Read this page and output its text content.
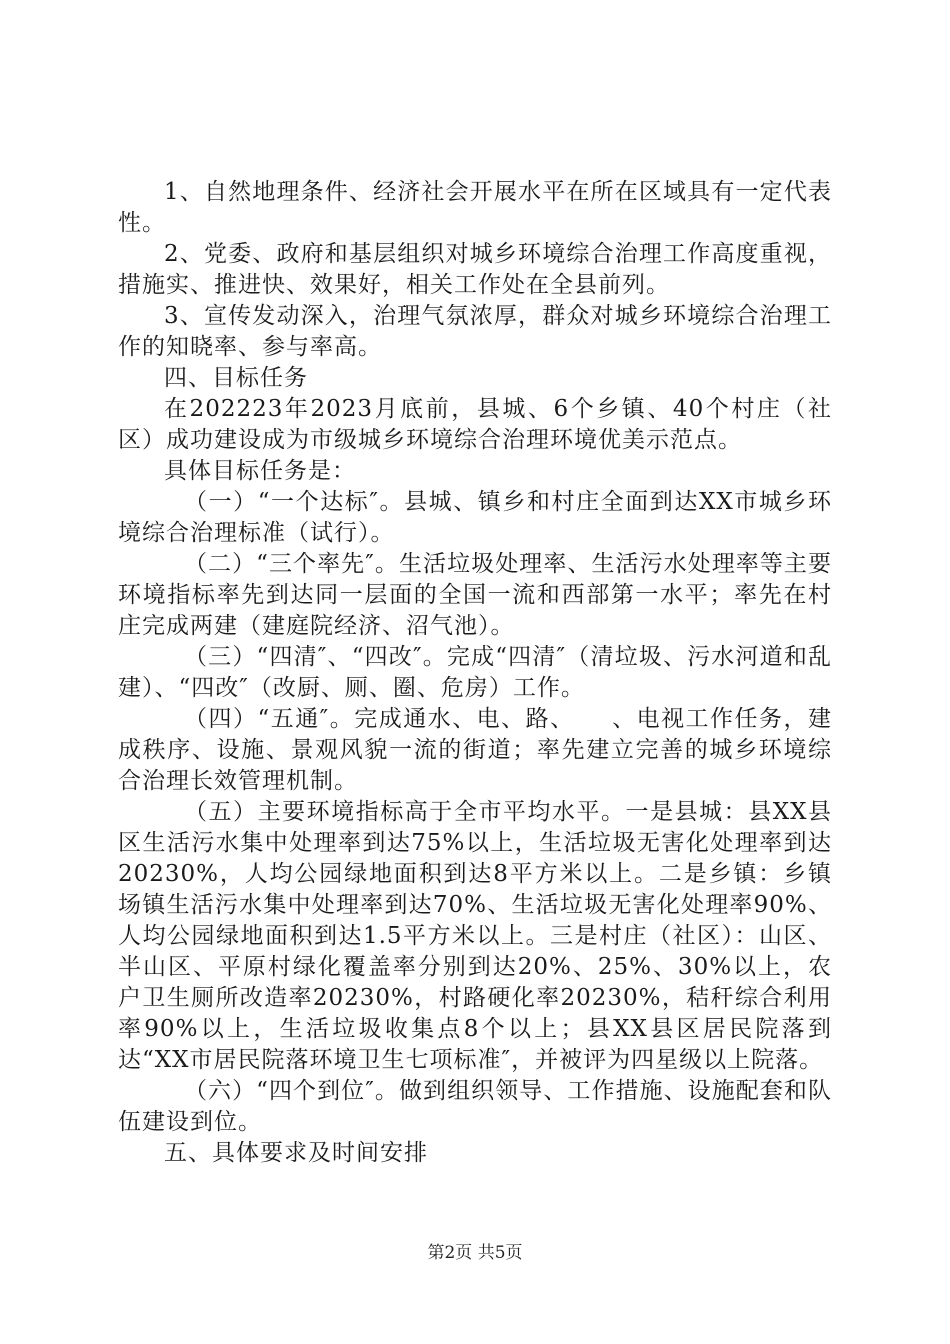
1、自然地理条件、经济社会开展水平在所在区域具有一定代表性。

2、党委、政府和基层组织对城乡环境综合治理工作高度重视，措施实、推进快、效果好，相关工作处在全县前列。

3、宣传发动深入，治理气氛浓厚，群众对城乡环境综合治理工作的知晓率、参与率高。

四、目标任务

在202223年2023月底前，县城、6个乡镇、40个村庄（社区）成功建设成为市级城乡环境综合治理环境优美示范点。

具体目标任务是：

（一）“一个达标″。县城、镇乡和村庄全面到达XX市城乡环境综合治理标准（试行）。

（二）“三个率先″。生活垃圾处理率、生活污水处理率等主要环境指标率先到达同一层面的全国一流和西部第一水平；率先在村庄完成两建（建庭院经济、沼气池）。

（三）“四清″、“四改″。完成“四清″（清垃圾、污水河道和乱建）、“四改″（改厨、厕、圈、危房）工作。

（四）“五通″。完成通水、电、路、　　、电视工作任务，建成秩序、设施、景观风貌一流的街道；率先建立完善的城乡环境综合治理长效管理机制。

（五）主要环境指标高于全市平均水平。一是县城：县XX县区生活污水集中处理率到达75%以上，生活垃圾无害化处理率到达20230%，人均公园绿地面积到达8平方米以上。二是乡镇：乡镇场镇生活污水集中处理率到达70%、生活垃圾无害化处理率90%、人均公园绿地面积到达1.5平方米以上。三是村庄（社区）：山区、半山区、平原村绿化覆盖率分别到达20%、25%、30%以上，农户卫生厕所改造率20230%，村路硬化率20230%，秸秆综合利用率90%以上，生活垃圾收集点8个以上；县XX县区居民院落到达“XX市居民院落环境卫生七项标准″，并被评为四星级以上院落。

（六）“四个到位″。做到组织领导、工作措施、设施配套和队伍建设到位。

五、具体要求及时间安排

第2页 共5页
